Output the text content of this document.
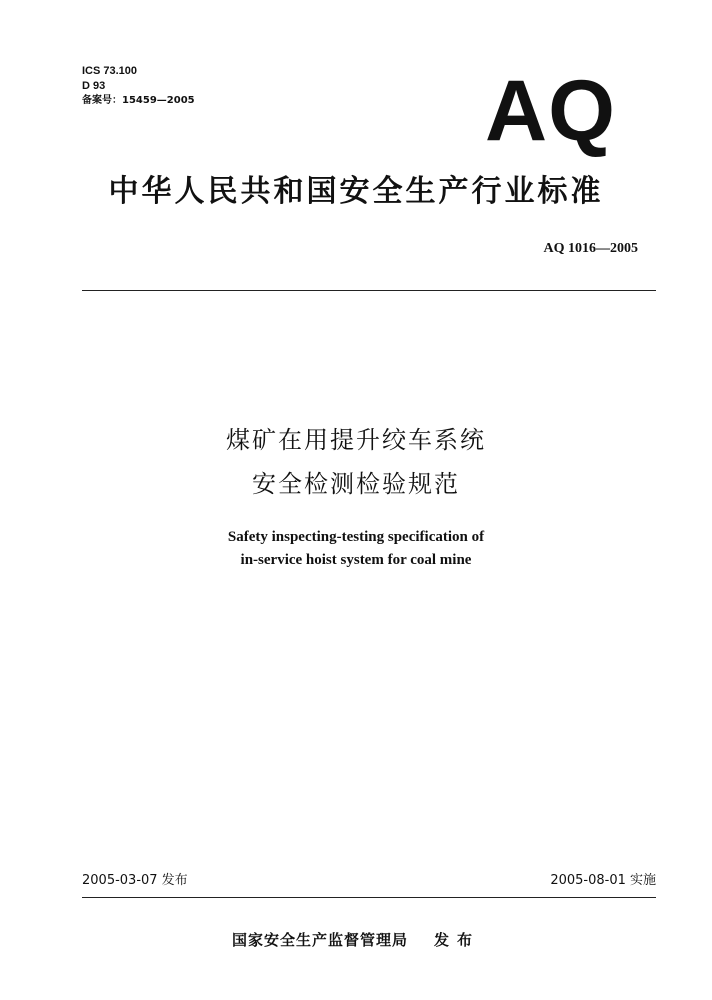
ICS 73.100
D 93
备案号：15459—2005	AQ
中华人民共和国安全生产行业标准
AQ 1016—2005
煤矿在用提升绞车系统
安全检测检验规范
Safety inspecting-testing specification of
in-service hoist system for coal mine
2005-03-07 发布	2005-08-01 实施
国家安全生产监督管理局 发布
